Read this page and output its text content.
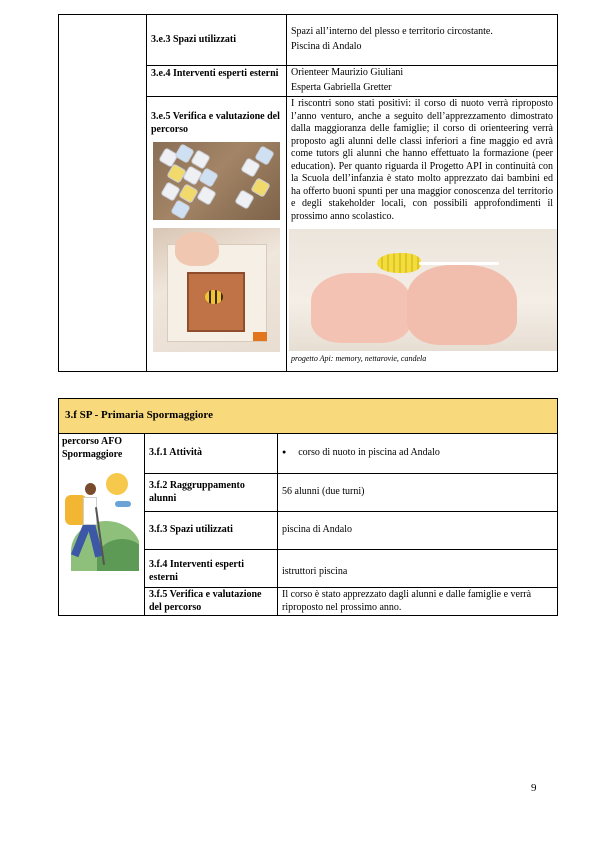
	3.e.3 Spazi utilizzati	Spazi all’interno del plesso e territorio circostante.
Piscina di Andalo

	3.e.4 Interventi esperti esterni	Orienteer Maurizio Giuliani
Esperta Gabriella Gretter

	3.e.5 Verifica e valutazione del percorso	I riscontri sono stati positivi: il corso di nuoto verrà riproposto l’anno venturo, anche a seguito dell’apprezzamento dimostrato dalla maggioranza delle famiglie; il corso di orienteering verrà proposto agli alunni delle classi inferiori a fine maggio ed avrà come tutors gli alunni che hanno effettuato la formazione (peer education). Per quanto riguarda il Progetto API in continuità con la Scuola dell’infanzia è stato molto apprezzato dai bambini ed ha offerto buoni spunti per una maggior conoscenza del territorio e degli stakeholder locali, con possibili approfondimenti il prossimo anno scolastico.
progetto Api: memory, nettarovie, candela
3.f SP - Primaria Spormaggiore		

percorso AFO Spormaggiore	3.f.1 Attività	● corso di nuoto in piscina ad Andalo
	3.f.2 Raggruppamento alunni	56 alunni (due turni)
	3.f.3 Spazi utilizzati	piscina di Andalo
	3.f.4 Interventi esperti esterni	istruttori piscina
	3.f.5 Verifica e valutazione del percorso	Il corso è stato apprezzato dagli alunni e dalle famiglie e verrà riproposto nel prossimo anno.
9
